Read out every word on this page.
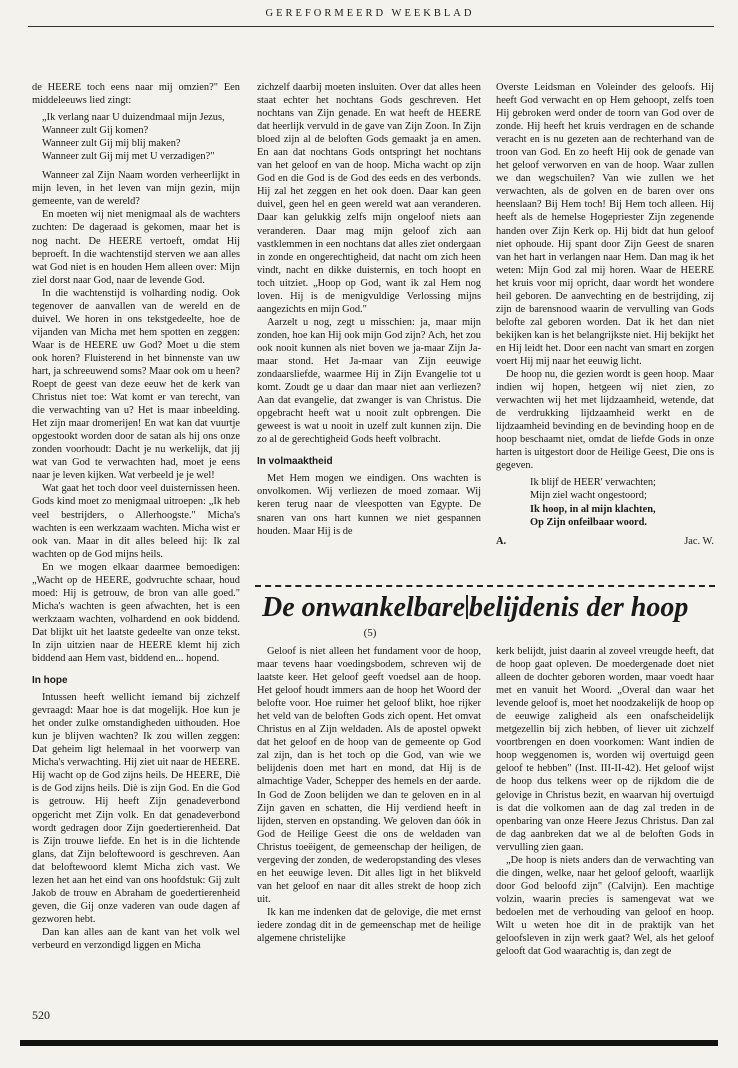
GEREFORMEERD WEEKBLAD

de HEERE toch eens naar mij omzien?" Een middeleeuws lied zingt:

„Ik verlang naar U duizendmaal mijn Jezus,
Wanneer zult Gij komen?
Wanneer zult Gij mij blij maken?
Wanneer zult Gij mij met U verzadigen?"

Wanneer zal Zijn Naam worden verheerlijkt in mijn leven, in het leven van mijn gezin, mijn gemeente, van de wereld?

En moeten wij niet menigmaal als de wachters zuchten: De dageraad is gekomen, maar het is nog nacht. De HEERE vertoeft, omdat Hij beproeft. In die wachtenstijd sterven we aan alles wat God niet is en houden Hem alleen over: Mijn ziel dorst naar God, naar de levende God.

In die wachtenstijd is volharding nodig. Ook tegenover de aanvallen van de wereld en de duivel. We horen in ons tekstgedeelte, hoe de vijanden van Micha met hem spotten en zeggen: Waar is de HEERE uw God? Moet u die stem ook horen? Fluisterend in het binnenste van uw hart, ja schreeuwend soms? Maar ook om u heen? Roept de geest van deze eeuw het de kerk van Christus niet toe: Wat komt er van terecht, van die verwachting van u? Het is maar inbeelding. Het zijn maar dromerijen! En wat kan dat vuurtje opgestookt worden door de satan als hij ons onze zonden voorhoudt: Dacht je nu werkelijk, dat jij wat van God te verwachten had, moet je eens naar je leven kijken. Wat verbeeld je je wel!

Wat gaat het toch door veel duisternissen heen. Gods kind moet zo menigmaal uitroepen: „Ik heb veel bestrijders, o Allerhoogste." Micha's wachten is een werkzaam wachten. Micha wist er ook van. Maar in dit alles beleed hij: Ik zal wachten op de God mijns heils.

En we mogen elkaar daarmee bemoedigen: „Wacht op de HEERE, godvruchte schaar, houd moed: Hij is getrouw, de bron van alle goed." Micha's wachten is geen afwachten, het is een werkzaam wachten, volhardend en ook biddend. Dat blijkt uit het laatste gedeelte van onze tekst. In zijn uitzien naar de HEERE klemt hij zich biddend aan Hem vast, biddend en... hopend.

In hope

Intussen heeft wellicht iemand bij zichzelf gevraagd: Maar hoe is dat mogelijk. Hoe kun je het onder zulke omstandigheden uithouden. Hoe kun je blijven wachten? Ik zou willen zeggen: Dat geheim ligt helemaal in het voorwerp van Micha's verwachting. Hij ziet uit naar de HEERE. Hij wacht op de God zijns heils. De HEERE, Diè is de God zijns heils. Diè is zijn God. En die God is getrouw. Hij heeft Zijn genadeverbond opgericht met Zijn volk. En dat genadeverbond wordt gedragen door Zijn goedertierenheid. Dat is Zijn trouwe liefde. En het is in die lichtende glans, dat Zijn beloftewoord is geschreven. Aan dat beloftewoord klemt Micha zich vast. We lezen het aan het eind van ons hoofdstuk: Gij zult Jakob de trouw en Abraham de goedertierenheid geven, die Gij onze vaderen van oude dagen af gezworen hebt.

Dan kan alles aan de kant van het volk wel verbeurd en verzondigd liggen en Micha

zichzelf daarbij moeten insluiten. Over dat alles heen staat echter het nochtans Gods geschreven. Het nochtans van Zijn genade. En wat heeft de HEERE dat heerlijk vervuld in de gave van Zijn Zoon. In Zijn bloed zijn al de beloften Gods gemaakt ja en amen. En aan dat nochtans Gods ontspringt het nochtans van het geloof en van de hoop. Micha wacht op zijn God en die God is de God des eeds en des verbonds. Hij zal het zeggen en het ook doen. Daar kan geen duivel, geen hel en geen wereld wat aan veranderen. Daar kan gelukkig zelfs mijn ongeloof niets aan veranderen. Daar mag mijn geloof zich aan vastklemmen in een nochtans dat alles ziet ondergaan in zonde en ongerechtigheid, dat nacht om zich heen vindt, nacht en dikke duisternis, en toch hoopt en toch uitziet. „Hoop op God, want ik zal Hem nog loven. Hij is de menigvuldige Verlossing mijns aangezichts en mijn God."

Aarzelt u nog, zegt u misschien: ja, maar mijn zonden, hoe kan Hij ook mijn God zijn? Ach, het zou ook nooit kunnen als niet boven we ja-maar Zijn Ja-maar stond. Het Ja-maar van Zijn eeuwige zondaarsliefde, waarmee Hij in Zijn Evangelie tot u komt. Zoudt ge u daar dan maar niet aan verliezen? Aan dat evangelie, dat zwanger is van Christus. Die opgebracht heeft wat u nooit zult opbrengen. Die geweest is wat u nooit in uzelf zult kunnen zijn. Die zo al de gerechtigheid Gods heeft volbracht.

In volmaaktheid

Met Hem mogen we eindigen. Ons wachten is onvolkomen. Wij verliezen de moed zomaar. Wij keren terug naar de vleespotten van Egypte. De snaren van ons hart kunnen we niet gespannen houden. Maar Hij is de

Overste Leidsman en Voleinder des geloofs. Hij heeft God verwacht en op Hem gehoopt, zelfs toen Hij gebroken werd onder de toorn van God over de zonde. Hij heeft het kruis verdragen en de schande veracht en is nu gezeten aan de rechterhand van de troon van God. En zo heeft Hij ook de genade van het geloof verworven en van de hoop. Waar zullen we dan wegschuilen? Van wie zullen we het verwachten, als de golven en de baren over ons heenslaan? Bij Hem toch! Bij Hem toch alleen. Hij heeft als de hemelse Hogepriester Zijn zegenende handen over Zijn Kerk op. Hij bidt dat hun geloof niet ophoude. Hij spant door Zijn Geest de snaren van het hart in verlangen naar Hem. Dan mag ik het weten: Mijn God zal mij horen. Waar de HEERE het kruis voor mij opricht, daar wordt het wondere heil geboren. De aanvechting en de bestrijding, zij zijn de barensnood waarin de vervulling van Gods belofte zal geboren worden. Dat ik het dan niet bekijken kan is het belangrijkste niet. Hij bekijkt het en Hij leidt het. Door een nacht van smart en zorgen voert Hij mij naar het eeuwig licht.

De hoop nu, die gezien wordt is geen hoop. Maar indien wij hopen, hetgeen wij niet zien, zo verwachten wij het met lijdzaamheid, wetende, dat de verdrukking lijdzaamheid werkt en de lijdzaamheid bevinding en de bevinding hoop en de hoop beschaamt niet, omdat de liefde Gods in onze harten is uitgestort door de Heilige Geest, Die ons is gegeven.

Ik blijf de HEER' verwachten;
Mijn ziel wacht ongestoord;
Ik hoop, in al mijn klachten,
Op Zijn onfeilbaar woord.
A.	Jac. W.
De onwankelbare belijdenis der hoop
(5)

Geloof is niet alleen het fundament voor de hoop, maar tevens haar voedingsbodem, schreven wij de laatste keer. Het geloof geeft voedsel aan de hoop. Het geloof houdt immers aan de hoop het Woord der belofte voor. Hoe ruimer het geloof blikt, hoe rijker het veld van de beloften Gods zich opent. Het omvat Christus en al Zijn weldaden. Als de apostel opwekt dat het geloof en de hoop van de gemeente op God zal zijn, dan is het toch op die God, van wie we belijdenis doen met hart en mond, dat Hij is de almachtige Vader, Schepper des hemels en der aarde. In God de Zoon belijden we dan te geloven en in al Zijn gaven en schatten, die Hij verdiend heeft in lijden, sterven en opstanding. We geloven dan óók in God de Heilige Geest die ons de weldaden van Christus toeëigent, de gemeenschap der heiligen, de vergeving der zonden, de wederopstanding des vleses en het eeuwige leven. Dit alles ligt in het blikveld van het geloof en naar dit alles strekt de hoop zich uit.

Ik kan me indenken dat de gelovige, die met ernst iedere zondag dit in de gemeenschap met de heilige algemene christelijke

kerk belijdt, juist daarin al zoveel vreugde heeft, dat de hoop gaat opleven. De moedergenade doet niet alleen de dochter geboren worden, maar voedt haar met en vanuit het Woord. „Overal dan waar het levende geloof is, moet het noodzakelijk de hoop op de eeuwige zaligheid als een onafscheidelijk metgezellin bij zich hebben, of liever uit zichzelf voortbrengen en doen voorkomen: Want indien de hoop weggenomen is, worden wij overtuigd geen geloof te hebben" (Inst. III-II-42). Het geloof wijst de hoop dus telkens weer op de rijkdom die de gelovige in Christus bezit, en waarvan hij overtuigd is dat die volkomen aan de dag zal treden in de openbaring van onze Heere Jezus Christus. Dan zal de dag aanbreken dat we al de beloften Gods in vervulling zien gaan.

„De hoop is niets anders dan de verwachting van die dingen, welke, naar het geloof gelooft, waarlijk door God beloofd zijn" (Calvijn). Een machtige volzin, waarin precies is samengevat wat we bedoelen met de verhouding van geloof en hoop. Wilt u weten hoe dit in de praktijk van het geloofsleven in zijn werk gaat? Wel, als het geloof gelooft dat God waarachtig is, dan zegt de

520
